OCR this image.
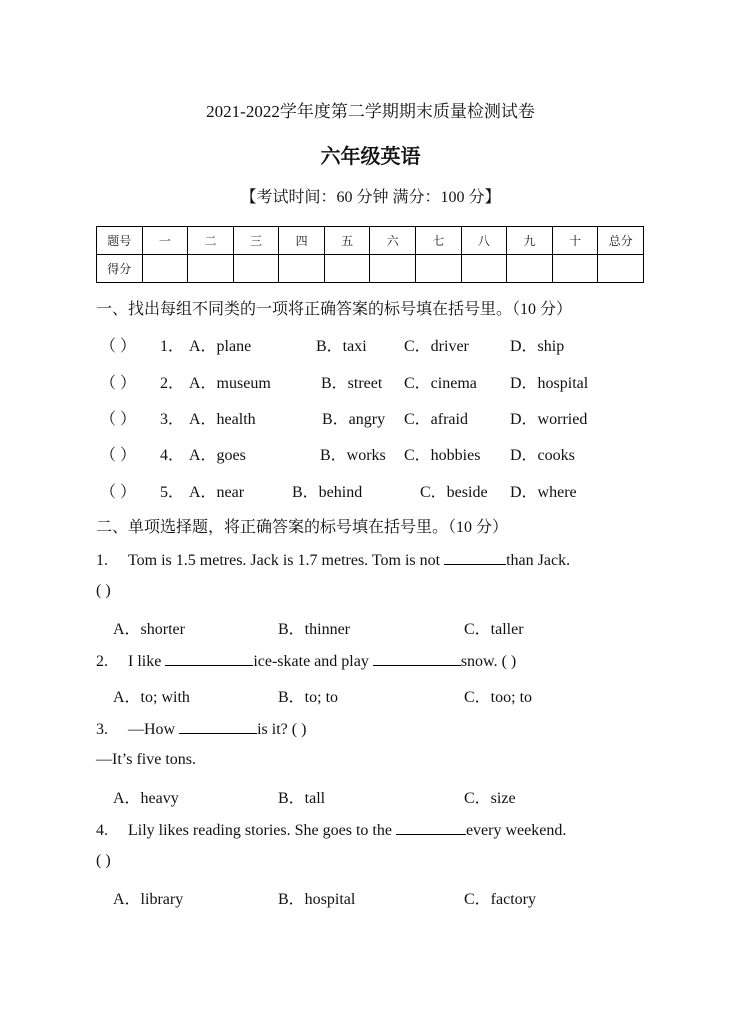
2021-2022学年度第二学期期末质量检测试卷
六年级英语
【考试时间：60 分钟 满分：100 分】
题号	一	二	三	四	五	六	七	八	九	十	总分
得分											
一、找出每组不同类的一项将正确答案的标号填在括号里。（10 分）
（ ） 1． A．plane	B．taxi C．driver	D．ship
（ ） 2． A．museum	B．street C．cinema D．hospital
（ ） 3． A．health	B．angry C．afraid	D．worried
（ ） 4． A．goes	B．works C．hobbies D．cooks
（ ） 5． A．near	B．behind	C．beside D．where
二、单项选择题，将正确答案的标号填在括号里。（10 分）
1. Tom is 1.5 metres. Jack is 1.7 metres. Tom is not	than Jack.
( )
A．shorter	B．thinner	C．taller
2. I like	ice-skate and play	snow. ( )
A．to; with	B．to; to	C．too; to
3. —How	is it? ( )
—It’s five tons.
A．heavy	B．tall	C．size
4. Lily likes reading stories. She goes to the	every weekend.
( )
A．library	B．hospital	C．factory
